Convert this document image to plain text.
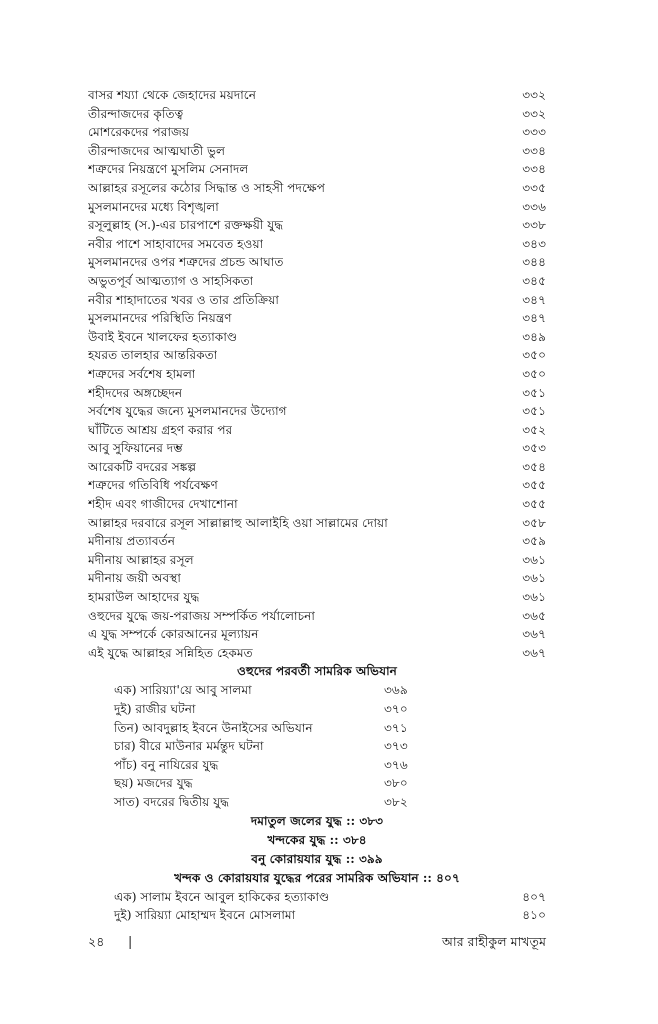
বাসর শয্যা থেকে জেহাদের ময়দানে	৩৩২
তীরন্দাজদের কৃতিত্ব	৩৩২
মোশরেকদের পরাজয়	৩৩৩
তীরন্দাজদের আত্মঘাতী ভুল	৩৩৪
শত্রুদের নিয়ন্ত্রণে মুসলিম সেনাদল	৩৩৪
আল্লাহর রসূলের কঠোর সিদ্ধান্ত ও সাহসী পদক্ষেপ	৩৩৫
মুসলমানদের মধ্যে বিশৃঙ্খলা	৩৩৬
রসূলুল্লাহ (স.)-এর চারপাশে রক্তক্ষয়ী যুদ্ধ	৩৩৮
নবীর পাশে সাহাবাদের সমবেত হওয়া	৩৪৩
মুসলমানদের ওপর শত্রুদের প্রচন্ড আঘাত	৩৪৪
অভুতপূর্ব আত্মত্যাগ ও সাহসিকতা	৩৪৫
নবীর শাহাদাতের খবর ও তার প্রতিক্রিয়া	৩৪৭
মুসলমানদের পরিস্থিতি নিয়ন্ত্রণ	৩৪৭
উবাই ইবনে খালফের হত্যাকাণ্ড	৩৪৯
হযরত তালহার আন্তরিকতা	৩৫০
শত্রুদের সর্বশেষ হামলা	৩৫০
শহীদদের অঙ্গচ্ছেদন	৩৫১
সর্বশেষ যুদ্ধের জন্যে মুসলমানদের উদ্যোগ	৩৫১
ঘাঁটিতে আশ্রয় গ্রহণ করার পর	৩৫২
আবু সুফিয়ানের দম্ভ	৩৫৩
আরেকটি বদরের সঙ্কল্প	৩৫৪
শত্রুদের গতিবিধি পর্যবেক্ষণ	৩৫৫
শহীদ এবং গাজীদের দেখাশোনা	৩৫৫
আল্লাহর দরবারে রসূল সাল্লাল্লাহু আলাইহি ওয়া সাল্লামের দোয়া	৩৫৮
মদীনায় প্রত্যাবর্তন	৩৫৯
মদীনায় আল্লাহর রসূল	৩৬১
মদীনায় জয়ী অবস্থা	৩৬১
হামরাউল আহাদের যুদ্ধ	৩৬১
ওহুদের যুদ্ধে জয়-পরাজয় সম্পর্কিত পর্যালোচনা	৩৬৫
এ যুদ্ধ সম্পর্কে কোরআনের মূল্যায়ন	৩৬৭
এই যুদ্ধে আল্লাহর সন্নিহিত হেকমত	৩৬৭
ওহুদের পরবর্তী সামরিক অভিযান
এক) সারিয়্যা'য়ে আবু সালমা	৩৬৯
দুই) রাজীর ঘটনা	৩৭০
তিন) আবদুল্লাহ ইবনে উনাইসের অভিযান	৩৭১
চার) বীরে মাউনার মর্মন্তুদ ঘটনা	৩৭৩
পাঁচ) বনু নাযিরের যুদ্ধ	৩৭৬
ছয়) মজদের যুদ্ধ	৩৮০
সাত) বদরের দ্বিতীয় যুদ্ধ	৩৮২
দমাতুল জলের যুদ্ধ :: ৩৮৩
খন্দকের যুদ্ধ :: ৩৮৪
বনু কোরায়যার যুদ্ধ :: ৩৯৯
খন্দক ও কোরায়যার যুদ্ধের পরের সামরিক অভিযান :: ৪০৭
এক) সালাম ইবনে আবুল হাকিকের হত্যাকাণ্ড	৪০৭
দুই) সারিয়্যা মোহাম্মদ ইবনে মোসলামা	৪১০
২৪	|	আর রাহীকুল মাখতূম
